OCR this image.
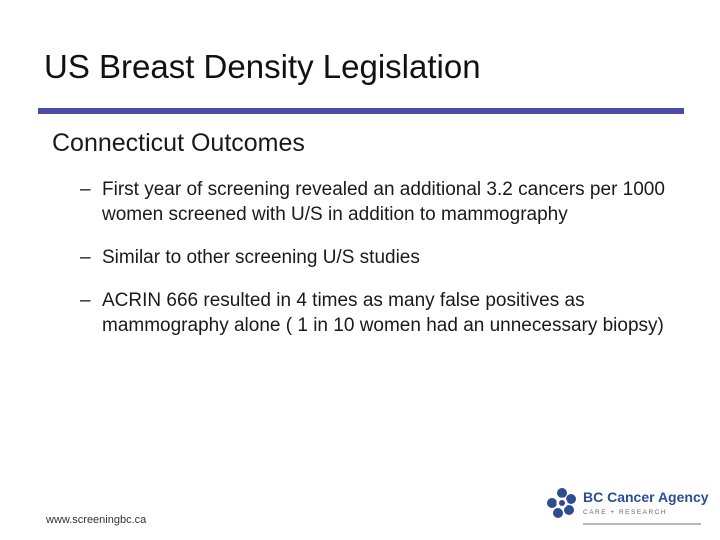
US Breast Density Legislation
Connecticut Outcomes
– First year of screening revealed an additional 3.2 cancers per 1000 women screened with U/S in addition to mammography
– Similar to other screening U/S studies
– ACRIN 666 resulted in 4 times as many false positives as mammography alone ( 1 in 10 women had an unnecessary biopsy)
www.screeningbc.ca
BC Cancer Agency
CARE + RESEARCH
